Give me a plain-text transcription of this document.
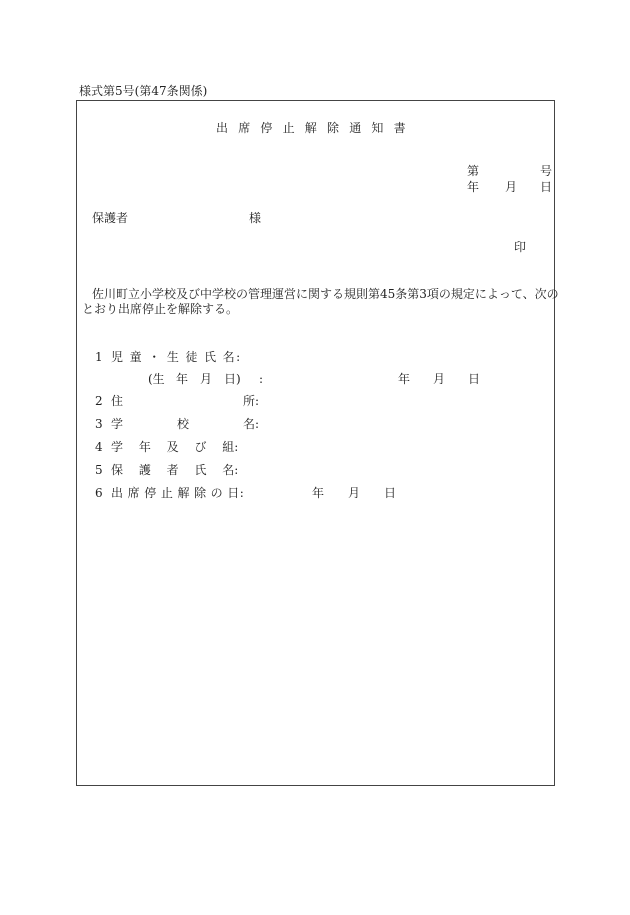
様式第5号(第47条関係)
出席停止解除通知書
第	号
年 月 日
保護者	様
印
佐川町立小学校及び中学校の管理運営に関する規則第45条第3項の規定によって、次の
とおり出席停止を解除する。
1 児 童 ・ 生 徒 氏 名:
(生 年 月 日) :	年 月 日
2 住	所:
3 学	校	名:
4 学　 年　 及　 び　 組:
5 保　 護　 者　 氏　 名:
6 出 席 停 止 解 除 の 日:	年 月 日
